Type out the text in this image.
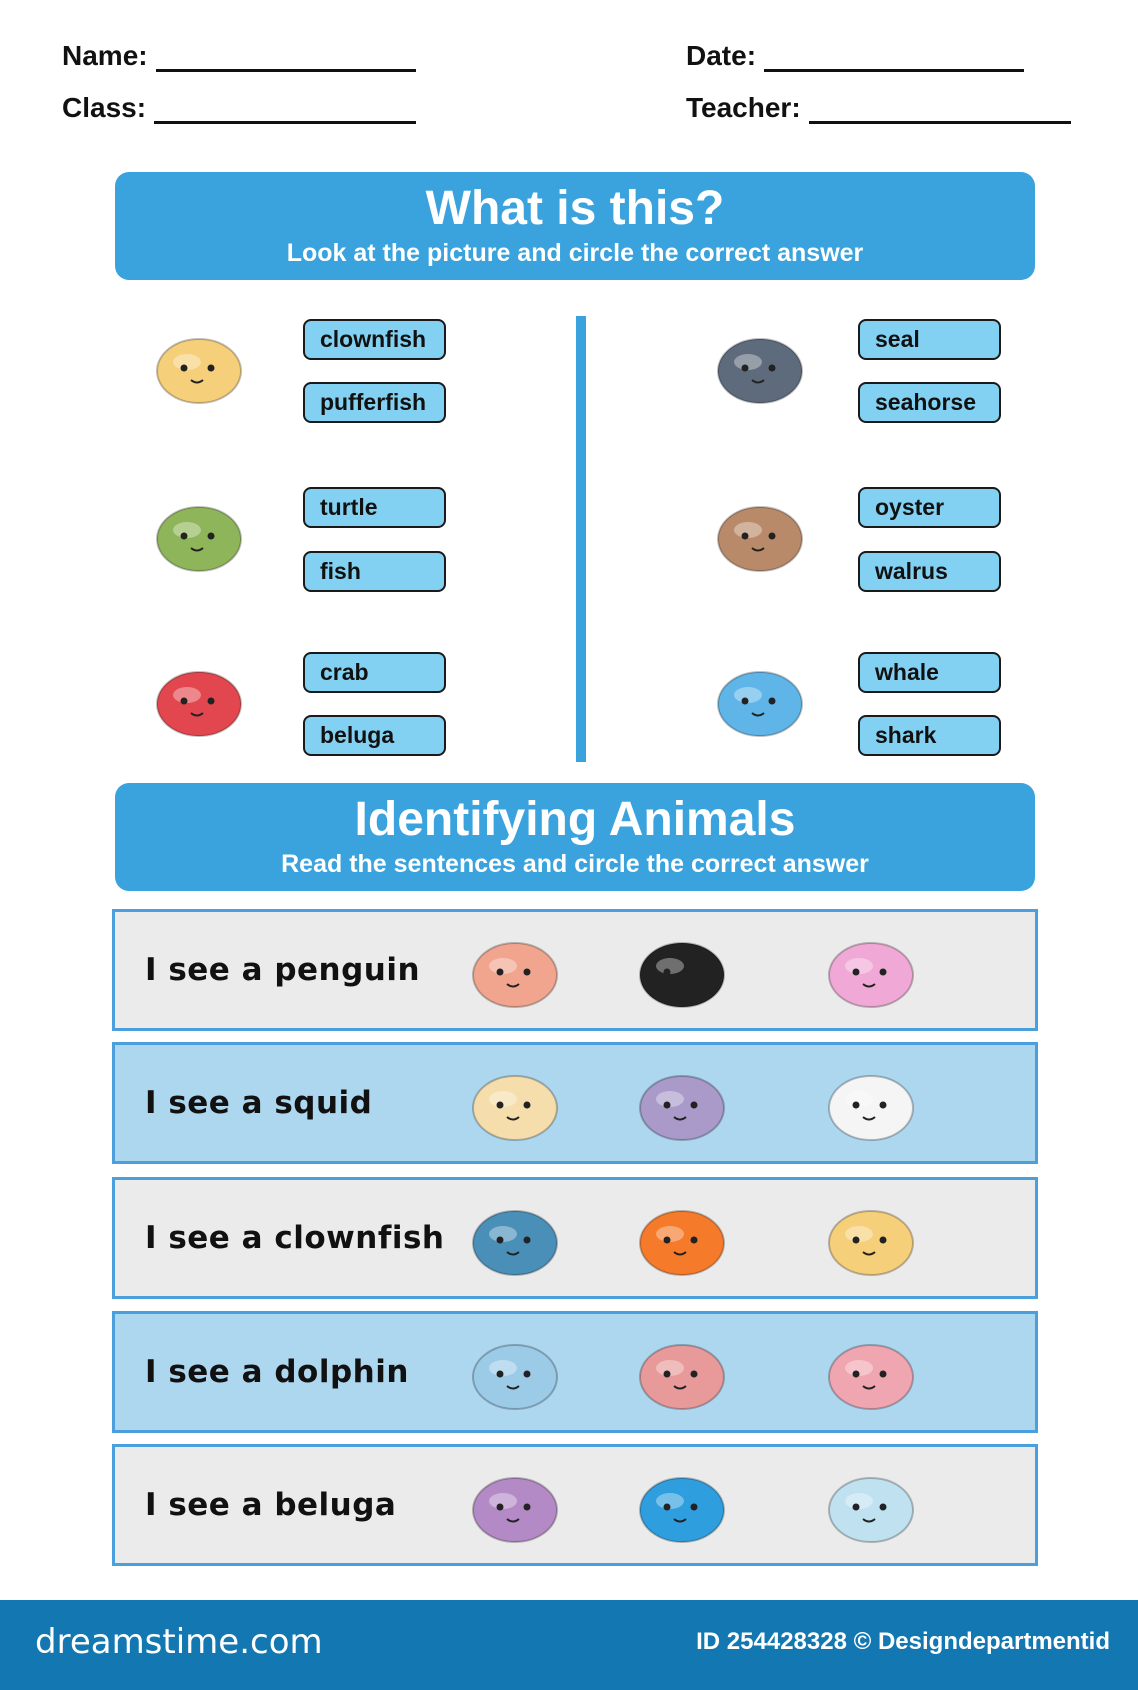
Name:
Class:
Date:
Teacher:
What is this?
Look at the picture and circle the correct answer
clownfish
pufferfish
turtle
fish
crab
beluga
seal
seahorse
oyster
walrus
whale
shark
Identifying Animals
Read the sentences and circle the correct answer
I see a penguin
I see a squid
I see a clownfish
I see a dolphin
I see a beluga
dreamstime.com	ID 254428328 © Designdepartmentid
